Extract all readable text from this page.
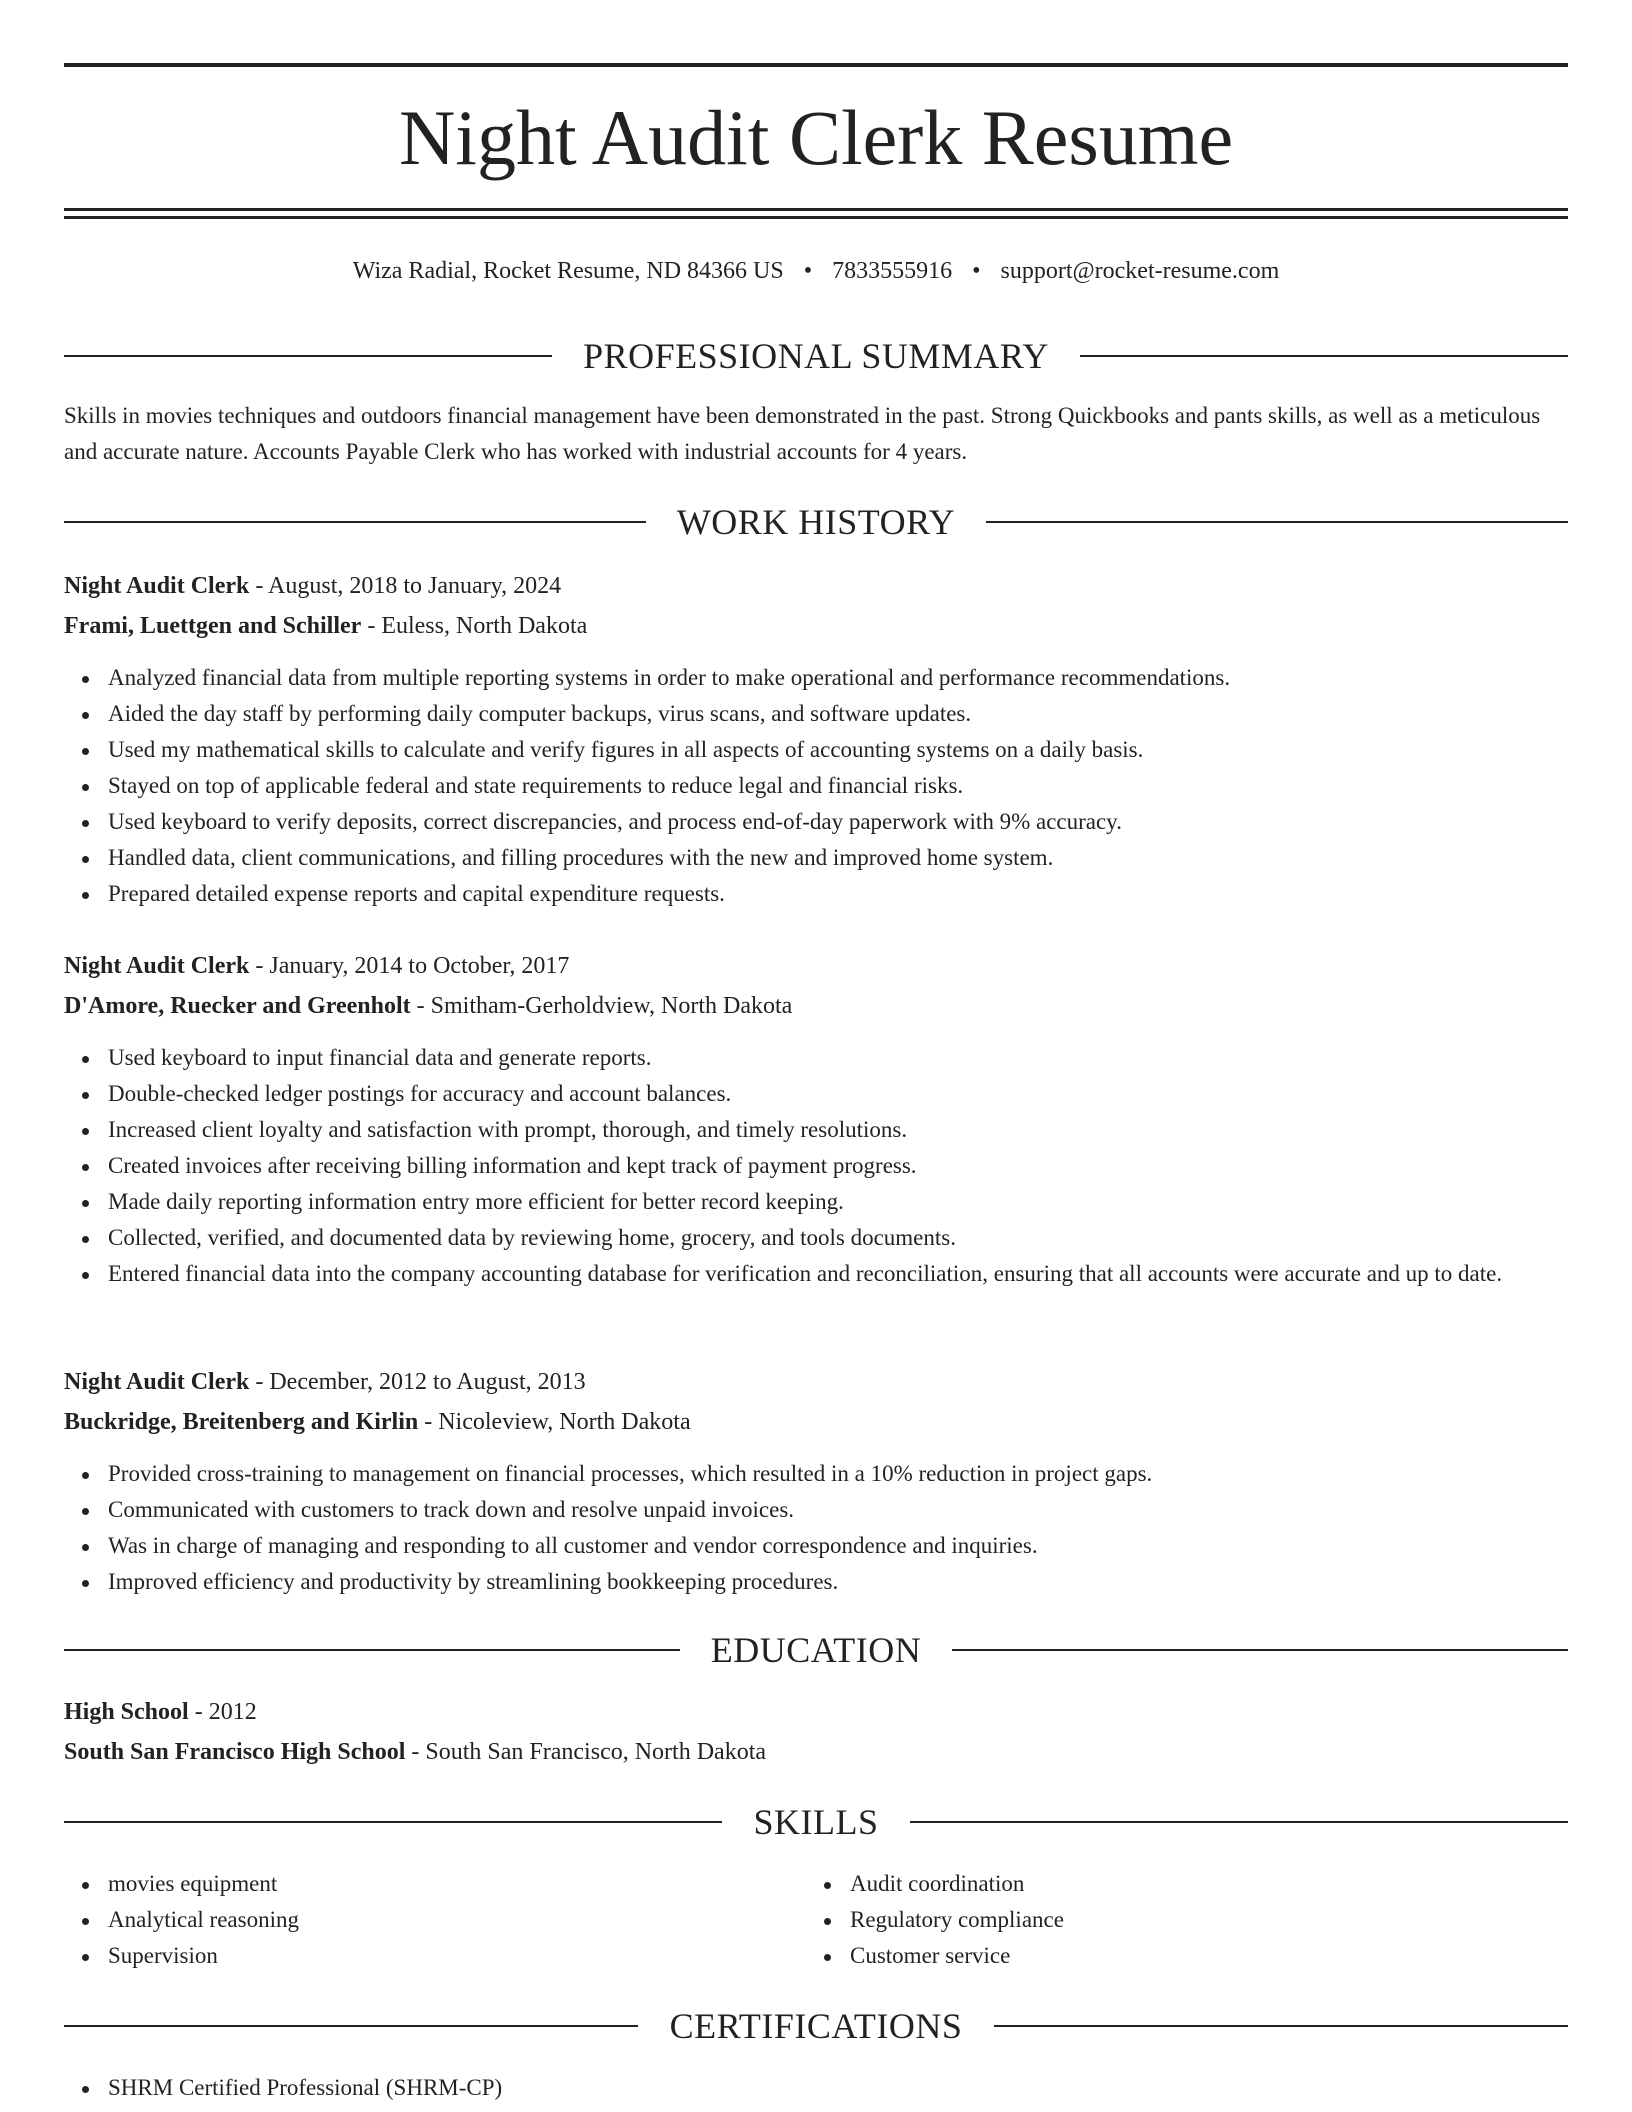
Night Audit Clerk Resume
Wiza Radial, Rocket Resume, ND 84366 US • 7833555916 • support@rocket-resume.com
PROFESSIONAL SUMMARY

Skills in movies techniques and outdoors financial management have been demonstrated in the past. Strong Quickbooks and pants skills, as well as a meticulous and accurate nature. Accounts Payable Clerk who has worked with industrial accounts for 4 years.

WORK HISTORY
Night Audit Clerk - August, 2018 to January, 2024
Frami, Luettgen and Schiller - Euless, North Dakota
Analyzed financial data from multiple reporting systems in order to make operational and performance recommendations.
Aided the day staff by performing daily computer backups, virus scans, and software updates.
Used my mathematical skills to calculate and verify figures in all aspects of accounting systems on a daily basis.
Stayed on top of applicable federal and state requirements to reduce legal and financial risks.
Used keyboard to verify deposits, correct discrepancies, and process end-of-day paperwork with 9% accuracy.
Handled data, client communications, and filling procedures with the new and improved home system.
Prepared detailed expense reports and capital expenditure requests.
Night Audit Clerk - January, 2014 to October, 2017
D'Amore, Ruecker and Greenholt - Smitham-Gerholdview, North Dakota
Used keyboard to input financial data and generate reports.
Double-checked ledger postings for accuracy and account balances.
Increased client loyalty and satisfaction with prompt, thorough, and timely resolutions.
Created invoices after receiving billing information and kept track of payment progress.
Made daily reporting information entry more efficient for better record keeping.
Collected, verified, and documented data by reviewing home, grocery, and tools documents.
Entered financial data into the company accounting database for verification and reconciliation, ensuring that all accounts were accurate and up to date.
Night Audit Clerk - December, 2012 to August, 2013
Buckridge, Breitenberg and Kirlin - Nicoleview, North Dakota
Provided cross-training to management on financial processes, which resulted in a 10% reduction in project gaps.
Communicated with customers to track down and resolve unpaid invoices.
Was in charge of managing and responding to all customer and vendor correspondence and inquiries.
Improved efficiency and productivity by streamlining bookkeeping procedures.
EDUCATION
High School - 2012
South San Francisco High School - South San Francisco, North Dakota
SKILLS
movies equipment
Analytical reasoning
Supervision
Audit coordination
Regulatory compliance
Customer service
CERTIFICATIONS
SHRM Certified Professional (SHRM-CP)
